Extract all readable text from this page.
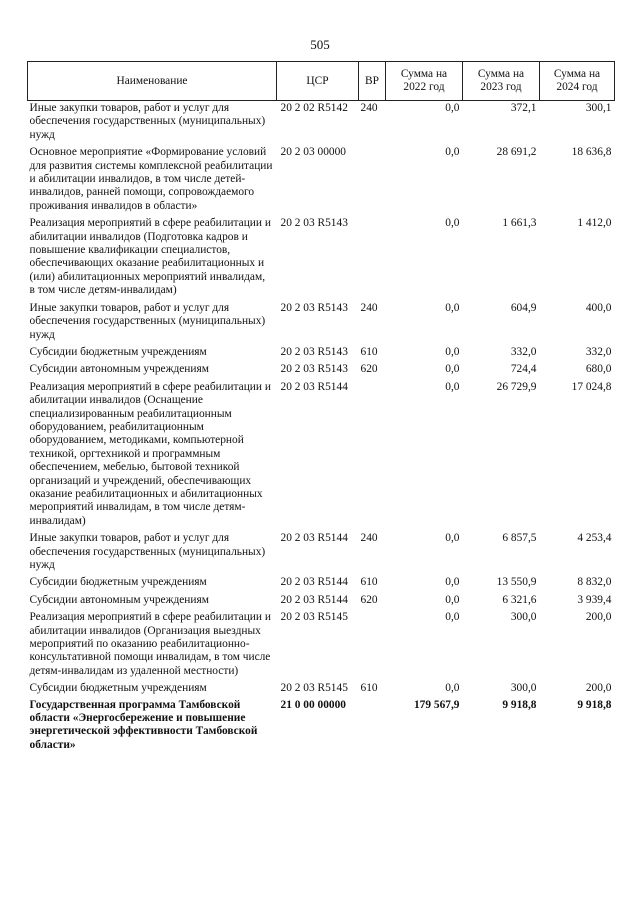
505
Наименование	ЦСР	ВР	Сумма на 2022 год	Сумма на 2023 год	Сумма на 2024 год
Иные закупки товаров, работ и услуг для обеспечения государственных (муниципальных) нужд	20 2 02 R5142	240	0,0	372,1	300,1
Основное мероприятие «Формирование условий для развития системы комплексной реабилитации и абилитации инвалидов, в том числе детей-инвалидов, ранней помощи, сопровождаемого проживания инвалидов в области»	20 2 03 00000		0,0	28 691,2	18 636,8
Реализация мероприятий в сфере реабилитации и абилитации инвалидов (Подготовка кадров и повышение квалификации специалистов, обеспечивающих оказание реабилитационных и (или) абилитационных мероприятий инвалидам, в том числе детям-инвалидам)	20 2 03 R5143		0,0	1 661,3	1 412,0
Иные закупки товаров, работ и услуг для обеспечения государственных (муниципальных) нужд	20 2 03 R5143	240	0,0	604,9	400,0
Субсидии бюджетным учреждениям	20 2 03 R5143	610	0,0	332,0	332,0
Субсидии автономным учреждениям	20 2 03 R5143	620	0,0	724,4	680,0
Реализация мероприятий в сфере реабилитации и абилитации инвалидов (Оснащение специализированным реабилитационным оборудованием, реабилитационным оборудованием, методиками, компьютерной техникой, оргтехникой и программным обеспечением, мебелью, бытовой техникой организаций и учреждений, обеспечивающих оказание реабилитационных и абилитационных мероприятий инвалидам, в том числе детям-инвалидам)	20 2 03 R5144		0,0	26 729,9	17 024,8
Иные закупки товаров, работ и услуг для обеспечения государственных (муниципальных) нужд	20 2 03 R5144	240	0,0	6 857,5	4 253,4
Субсидии бюджетным учреждениям	20 2 03 R5144	610	0,0	13 550,9	8 832,0
Субсидии автономным учреждениям	20 2 03 R5144	620	0,0	6 321,6	3 939,4
Реализация мероприятий в сфере реабилитации и абилитации инвалидов (Организация выездных мероприятий по оказанию реабилитационно-консультативной помощи инвалидам, в том числе детям-инвалидам из удаленной местности)	20 2 03 R5145		0,0	300,0	200,0
Субсидии бюджетным учреждениям	20 2 03 R5145	610	0,0	300,0	200,0
Государственная программа Тамбовской области «Энергосбережение и повышение энергетической эффективности Тамбовской области»	21 0 00 00000		179 567,9	9 918,8	9 918,8
